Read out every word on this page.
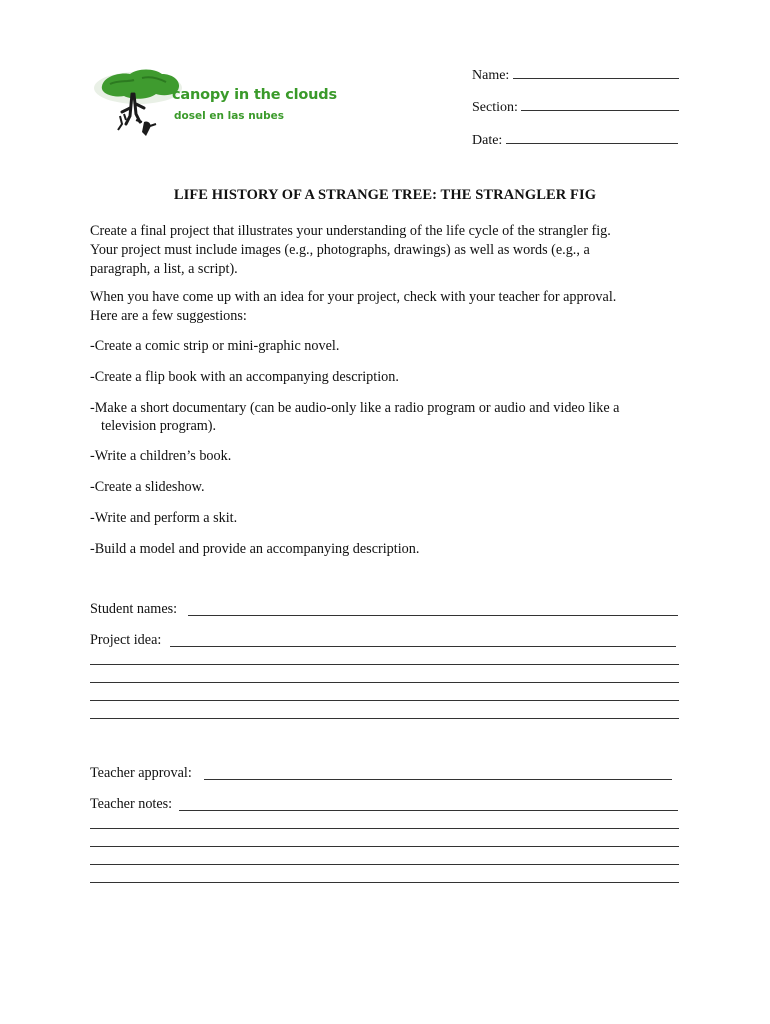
canopy in the clouds
dosel en las nubes
Name:
Section:
Date:
LIFE HISTORY OF A STRANGE TREE: THE STRANGLER FIG
Create a final project that illustrates your understanding of the life cycle of the strangler fig.
Your project must include images (e.g., photographs, drawings) as well as words (e.g., a
paragraph, a list, a script).
When you have come up with an idea for your project, check with your teacher for approval.
Here are a few suggestions:
-Create a comic strip or mini-graphic novel.
-Create a flip book with an accompanying description.
-Make a short documentary (can be audio-only like a radio program or audio and video like a
television program).
-Write a children’s book.
-Create a slideshow.
-Write and perform a skit.
-Build a model and provide an accompanying description.
Student names:
Project idea:
Teacher approval:
Teacher notes:
